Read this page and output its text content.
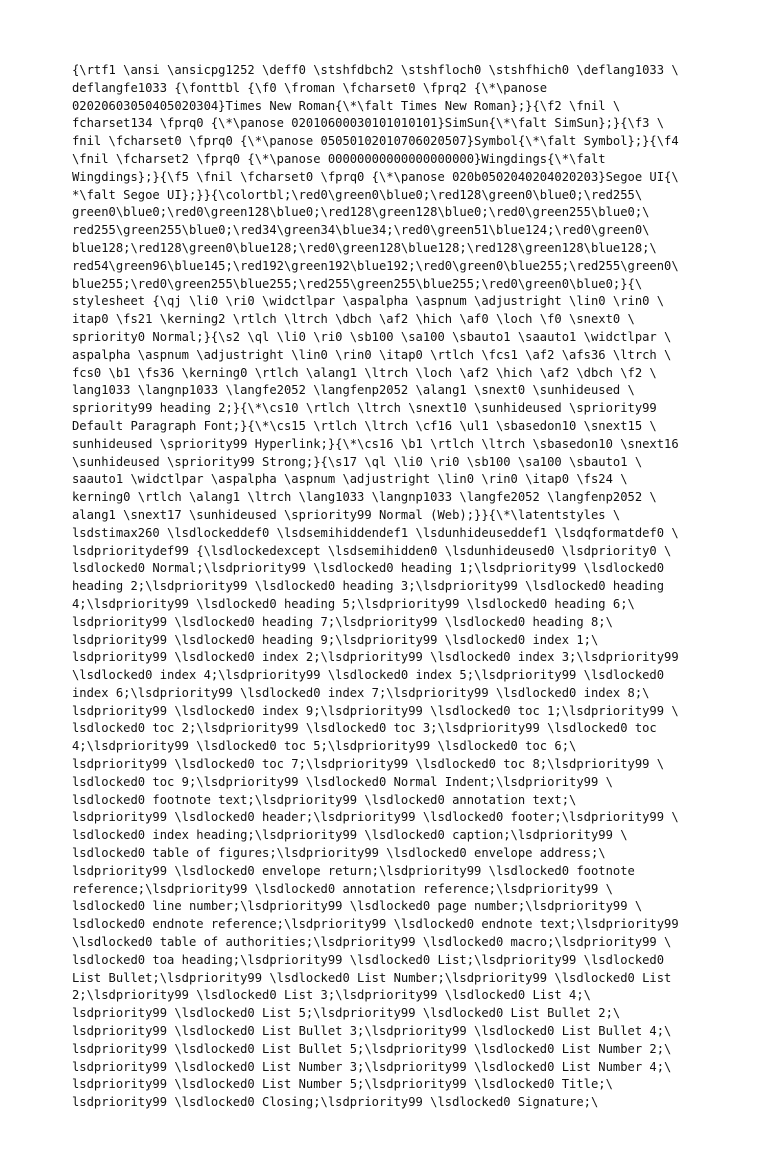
{\rtf1 \ansi \ansicpg1252 \deff0 \stshfdbch2 \stshfloch0 \stshfhich0 \deflang1033 \
deflangfe1033 {\fonttbl {\f0 \froman \fcharset0 \fprq2 {\*\panose
02020603050405020304}Times New Roman{\*\falt Times New Roman};}{\f2 \fnil \
fcharset134 \fprq0 {\*\panose 02010600030101010101}SimSun{\*\falt SimSun};}{\f3 \
fnil \fcharset0 \fprq0 {\*\panose 05050102010706020507}Symbol{\*\falt Symbol};}{\f4
\fnil \fcharset2 \fprq0 {\*\panose 00000000000000000000}Wingdings{\*\falt
Wingdings};}{\f5 \fnil \fcharset0 \fprq0 {\*\panose 020b0502040204020203}Segoe UI{\
*\falt Segoe UI};}}{\colortbl;\red0\green0\blue0;\red128\green0\blue0;\red255\
green0\blue0;\red0\green128\blue0;\red128\green128\blue0;\red0\green255\blue0;\
red255\green255\blue0;\red34\green34\blue34;\red0\green51\blue124;\red0\green0\
blue128;\red128\green0\blue128;\red0\green128\blue128;\red128\green128\blue128;\
red54\green96\blue145;\red192\green192\blue192;\red0\green0\blue255;\red255\green0\
blue255;\red0\green255\blue255;\red255\green255\blue255;\red0\green0\blue0;}{\
stylesheet {\qj \li0 \ri0 \widctlpar \aspalpha \aspnum \adjustright \lin0 \rin0 \
itap0 \fs21 \kerning2 \rtlch \ltrch \dbch \af2 \hich \af0 \loch \f0 \snext0 \
spriority0 Normal;}{\s2 \ql \li0 \ri0 \sb100 \sa100 \sbauto1 \saauto1 \widctlpar \
aspalpha \aspnum \adjustright \lin0 \rin0 \itap0 \rtlch \fcs1 \af2 \afs36 \ltrch \
fcs0 \b1 \fs36 \kerning0 \rtlch \alang1 \ltrch \loch \af2 \hich \af2 \dbch \f2 \
lang1033 \langnp1033 \langfe2052 \langfenp2052 \alang1 \snext0 \sunhideused \
spriority99 heading 2;}{\*\cs10 \rtlch \ltrch \snext10 \sunhideused \spriority99
Default Paragraph Font;}{\*\cs15 \rtlch \ltrch \cf16 \ul1 \sbasedon10 \snext15 \
sunhideused \spriority99 Hyperlink;}{\*\cs16 \b1 \rtlch \ltrch \sbasedon10 \snext16
\sunhideused \spriority99 Strong;}{\s17 \ql \li0 \ri0 \sb100 \sa100 \sbauto1 \
saauto1 \widctlpar \aspalpha \aspnum \adjustright \lin0 \rin0 \itap0 \fs24 \
kerning0 \rtlch \alang1 \ltrch \lang1033 \langnp1033 \langfe2052 \langfenp2052 \
alang1 \snext17 \sunhideused \spriority99 Normal (Web);}}{\*\latentstyles \
lsdstimax260 \lsdlockeddef0 \lsdsemihiddendef1 \lsdunhideuseddef1 \lsdqformatdef0 \
lsdprioritydef99 {\lsdlockedexcept \lsdsemihidden0 \lsdunhideused0 \lsdpriority0 \
lsdlocked0 Normal;\lsdpriority99 \lsdlocked0 heading 1;\lsdpriority99 \lsdlocked0
heading 2;\lsdpriority99 \lsdlocked0 heading 3;\lsdpriority99 \lsdlocked0 heading
4;\lsdpriority99 \lsdlocked0 heading 5;\lsdpriority99 \lsdlocked0 heading 6;\
lsdpriority99 \lsdlocked0 heading 7;\lsdpriority99 \lsdlocked0 heading 8;\
lsdpriority99 \lsdlocked0 heading 9;\lsdpriority99 \lsdlocked0 index 1;\
lsdpriority99 \lsdlocked0 index 2;\lsdpriority99 \lsdlocked0 index 3;\lsdpriority99
\lsdlocked0 index 4;\lsdpriority99 \lsdlocked0 index 5;\lsdpriority99 \lsdlocked0
index 6;\lsdpriority99 \lsdlocked0 index 7;\lsdpriority99 \lsdlocked0 index 8;\
lsdpriority99 \lsdlocked0 index 9;\lsdpriority99 \lsdlocked0 toc 1;\lsdpriority99 \
lsdlocked0 toc 2;\lsdpriority99 \lsdlocked0 toc 3;\lsdpriority99 \lsdlocked0 toc
4;\lsdpriority99 \lsdlocked0 toc 5;\lsdpriority99 \lsdlocked0 toc 6;\
lsdpriority99 \lsdlocked0 toc 7;\lsdpriority99 \lsdlocked0 toc 8;\lsdpriority99 \
lsdlocked0 toc 9;\lsdpriority99 \lsdlocked0 Normal Indent;\lsdpriority99 \
lsdlocked0 footnote text;\lsdpriority99 \lsdlocked0 annotation text;\
lsdpriority99 \lsdlocked0 header;\lsdpriority99 \lsdlocked0 footer;\lsdpriority99 \
lsdlocked0 index heading;\lsdpriority99 \lsdlocked0 caption;\lsdpriority99 \
lsdlocked0 table of figures;\lsdpriority99 \lsdlocked0 envelope address;\
lsdpriority99 \lsdlocked0 envelope return;\lsdpriority99 \lsdlocked0 footnote
reference;\lsdpriority99 \lsdlocked0 annotation reference;\lsdpriority99 \
lsdlocked0 line number;\lsdpriority99 \lsdlocked0 page number;\lsdpriority99 \
lsdlocked0 endnote reference;\lsdpriority99 \lsdlocked0 endnote text;\lsdpriority99
\lsdlocked0 table of authorities;\lsdpriority99 \lsdlocked0 macro;\lsdpriority99 \
lsdlocked0 toa heading;\lsdpriority99 \lsdlocked0 List;\lsdpriority99 \lsdlocked0
List Bullet;\lsdpriority99 \lsdlocked0 List Number;\lsdpriority99 \lsdlocked0 List
2;\lsdpriority99 \lsdlocked0 List 3;\lsdpriority99 \lsdlocked0 List 4;\
lsdpriority99 \lsdlocked0 List 5;\lsdpriority99 \lsdlocked0 List Bullet 2;\
lsdpriority99 \lsdlocked0 List Bullet 3;\lsdpriority99 \lsdlocked0 List Bullet 4;\
lsdpriority99 \lsdlocked0 List Bullet 5;\lsdpriority99 \lsdlocked0 List Number 2;\
lsdpriority99 \lsdlocked0 List Number 3;\lsdpriority99 \lsdlocked0 List Number 4;\
lsdpriority99 \lsdlocked0 List Number 5;\lsdpriority99 \lsdlocked0 Title;\
lsdpriority99 \lsdlocked0 Closing;\lsdpriority99 \lsdlocked0 Signature;\
